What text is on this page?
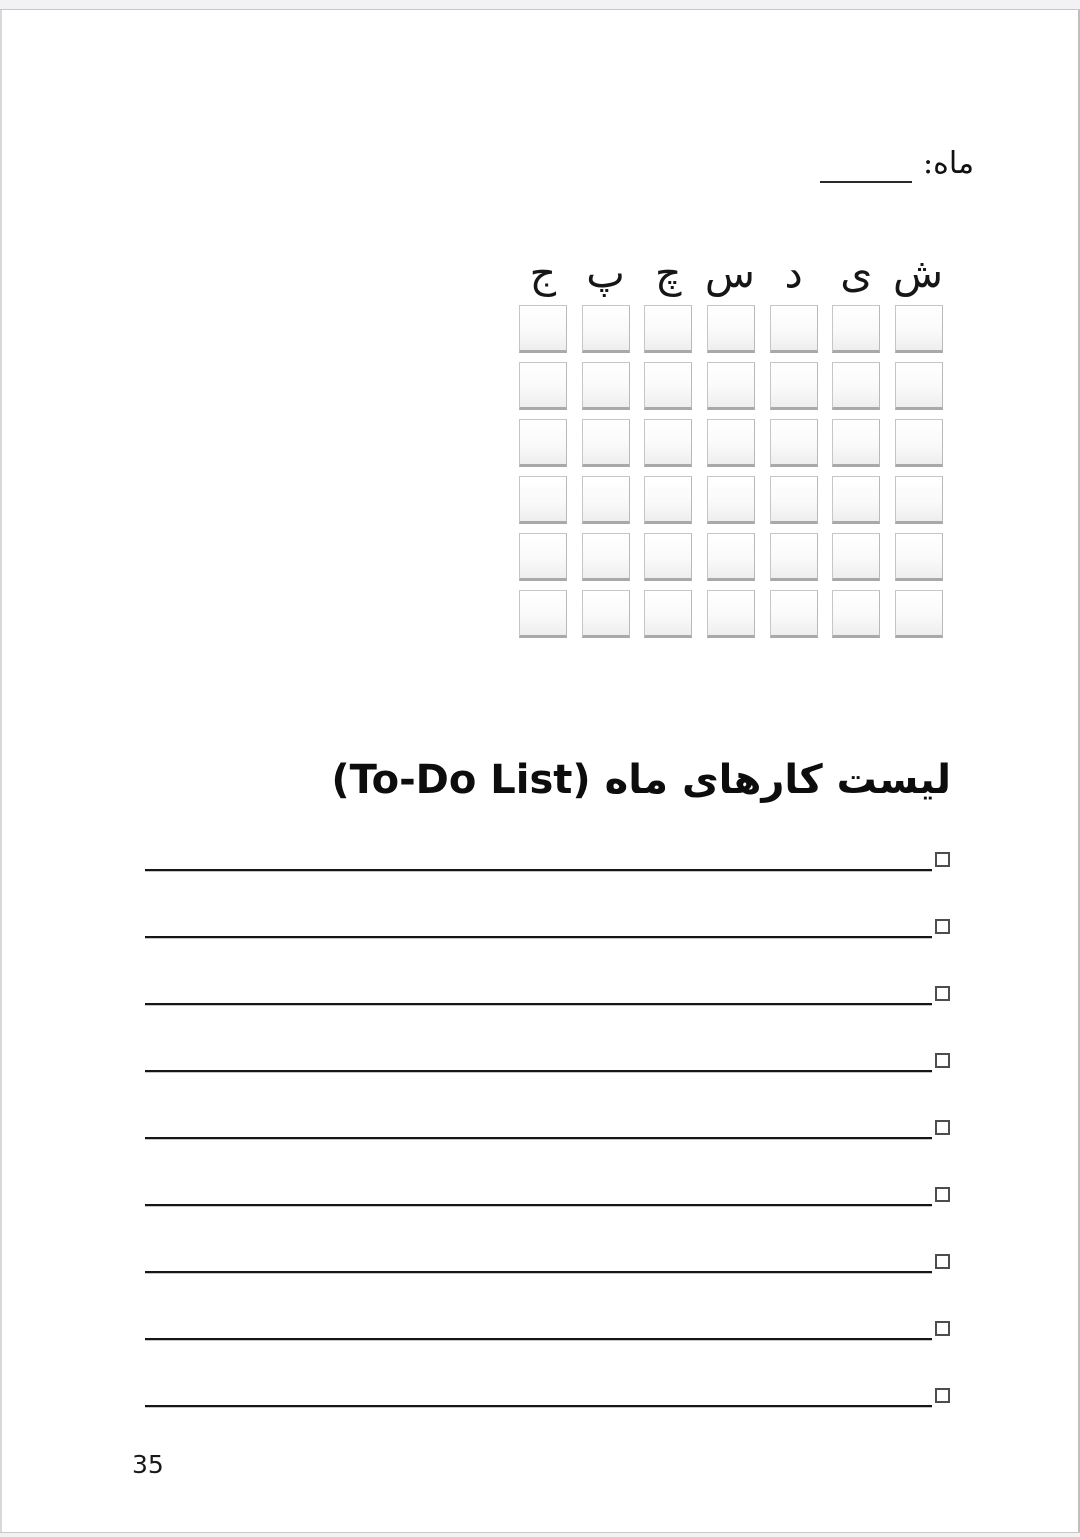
ماه:
ش
ی
د
س
چ
پ
ج
لیست کارهای ماه (To-Do List)
35
